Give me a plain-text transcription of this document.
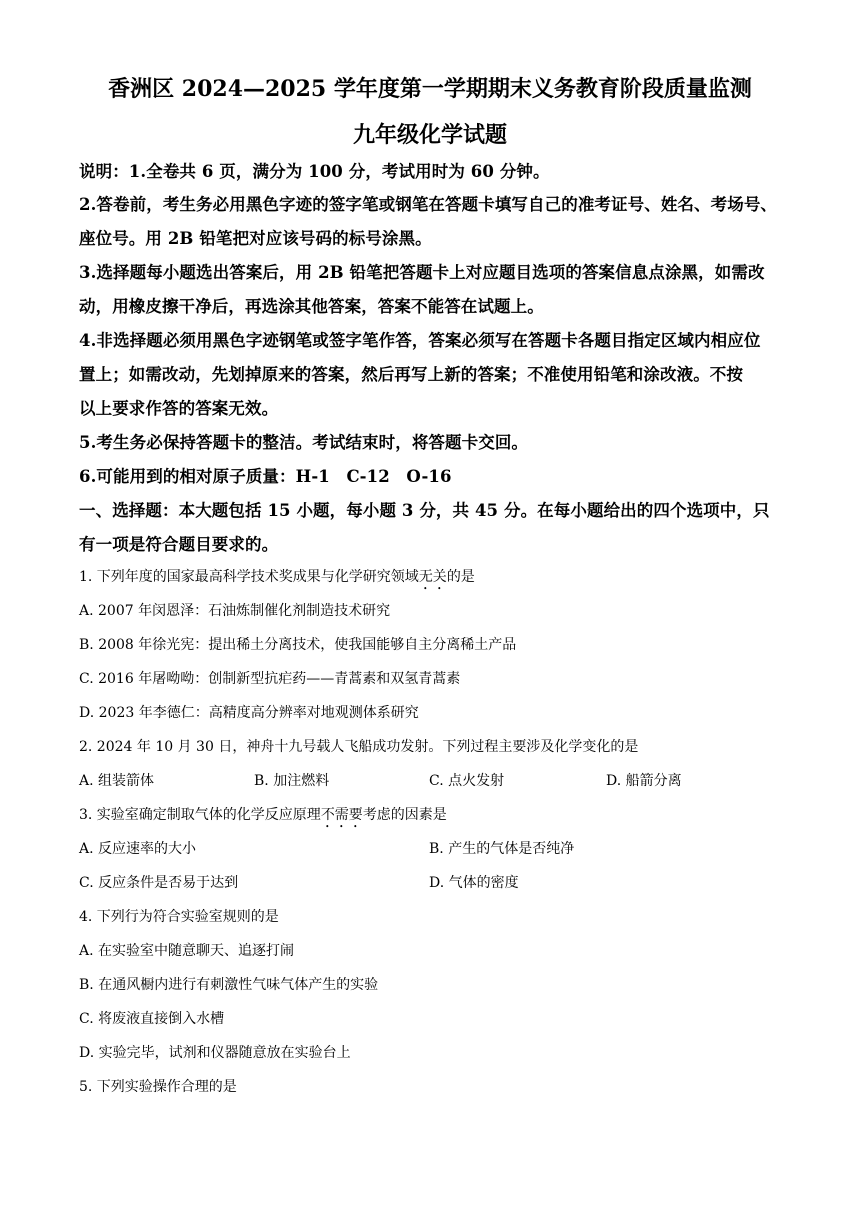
香洲区 2024—2025 学年度第一学期期末义务教育阶段质量监测
九年级化学试题
说明：1.全卷共 6 页，满分为 100 分，考试用时为 60 分钟。
2.答卷前，考生务必用黑色字迹的签字笔或钢笔在答题卡填写自己的准考证号、姓名、考场号、
座位号。用 2B 铅笔把对应该号码的标号涂黑。
3.选择题每小题选出答案后，用 2B 铅笔把答题卡上对应题目选项的答案信息点涂黑，如需改
动，用橡皮擦干净后，再选涂其他答案，答案不能答在试题上。
4.非选择题必须用黑色字迹钢笔或签字笔作答，答案必须写在答题卡各题目指定区域内相应位
置上；如需改动，先划掉原来的答案，然后再写上新的答案；不准使用铅笔和涂改液。不按
以上要求作答的答案无效。
5.考生务必保持答题卡的整洁。考试结束时，将答题卡交回。
6.可能用到的相对原子质量：H-1　C-12　O-16
一、选择题：本大题包括 15 小题，每小题 3 分，共 45 分。在每小题给出的四个选项中，只
有一项是符合题目要求的。
1. 下列年度的国家最高科学技术奖成果与化学研究领域无关的是
A. 2007 年闵恩泽：石油炼制催化剂制造技术研究
B. 2008 年徐光宪：提出稀土分离技术，使我国能够自主分离稀土产品
C. 2016 年屠呦呦：创制新型抗疟药——青蒿素和双氢青蒿素
D. 2023 年李德仁：高精度高分辨率对地观测体系研究
2. 2024 年 10 月 30 日，神舟十九号载人飞船成功发射。下列过程主要涉及化学变化的是
A. 组装箭体	B. 加注燃料	C. 点火发射	D. 船箭分离
3. 实验室确定制取气体的化学反应原理不需要考虑的因素是
A. 反应速率的大小	B. 产生的气体是否纯净
C. 反应条件是否易于达到	D. 气体的密度
4. 下列行为符合实验室规则的是
A. 在实验室中随意聊天、追逐打闹
B. 在通风橱内进行有刺激性气味气体产生的实验
C. 将废液直接倒入水槽
D. 实验完毕，试剂和仪器随意放在实验台上
5. 下列实验操作合理的是
